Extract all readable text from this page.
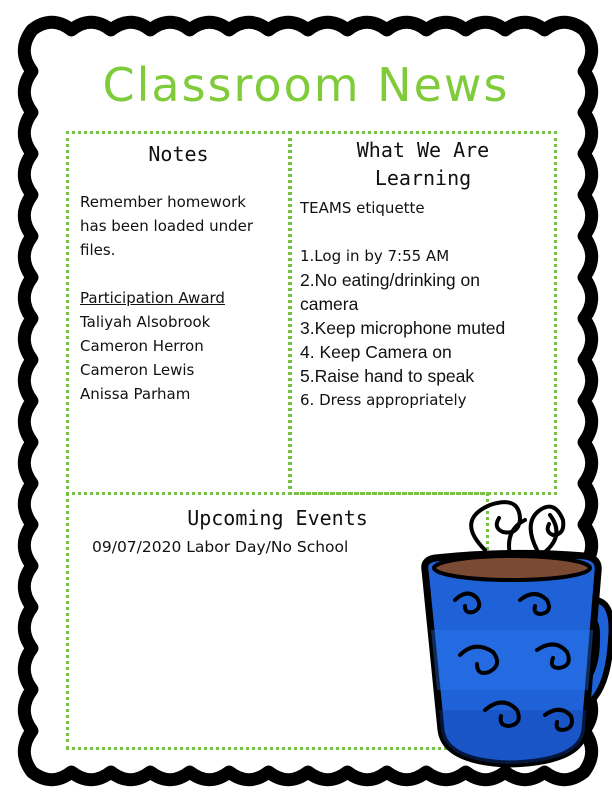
Classroom News
Notes
Remember homework
has been loaded under
files.

Participation Award
Taliyah Alsobrook
Cameron Herron
Cameron Lewis
Anissa Parham
What We Are
Learning
TEAMS etiquette

1.Log in by 7:55 AM
2.No eating/drinking on
camera
3.Keep microphone muted
4. Keep Camera on
5.Raise hand to speak
6. Dress appropriately
Upcoming Events
09/07/2020 Labor Day/No School
